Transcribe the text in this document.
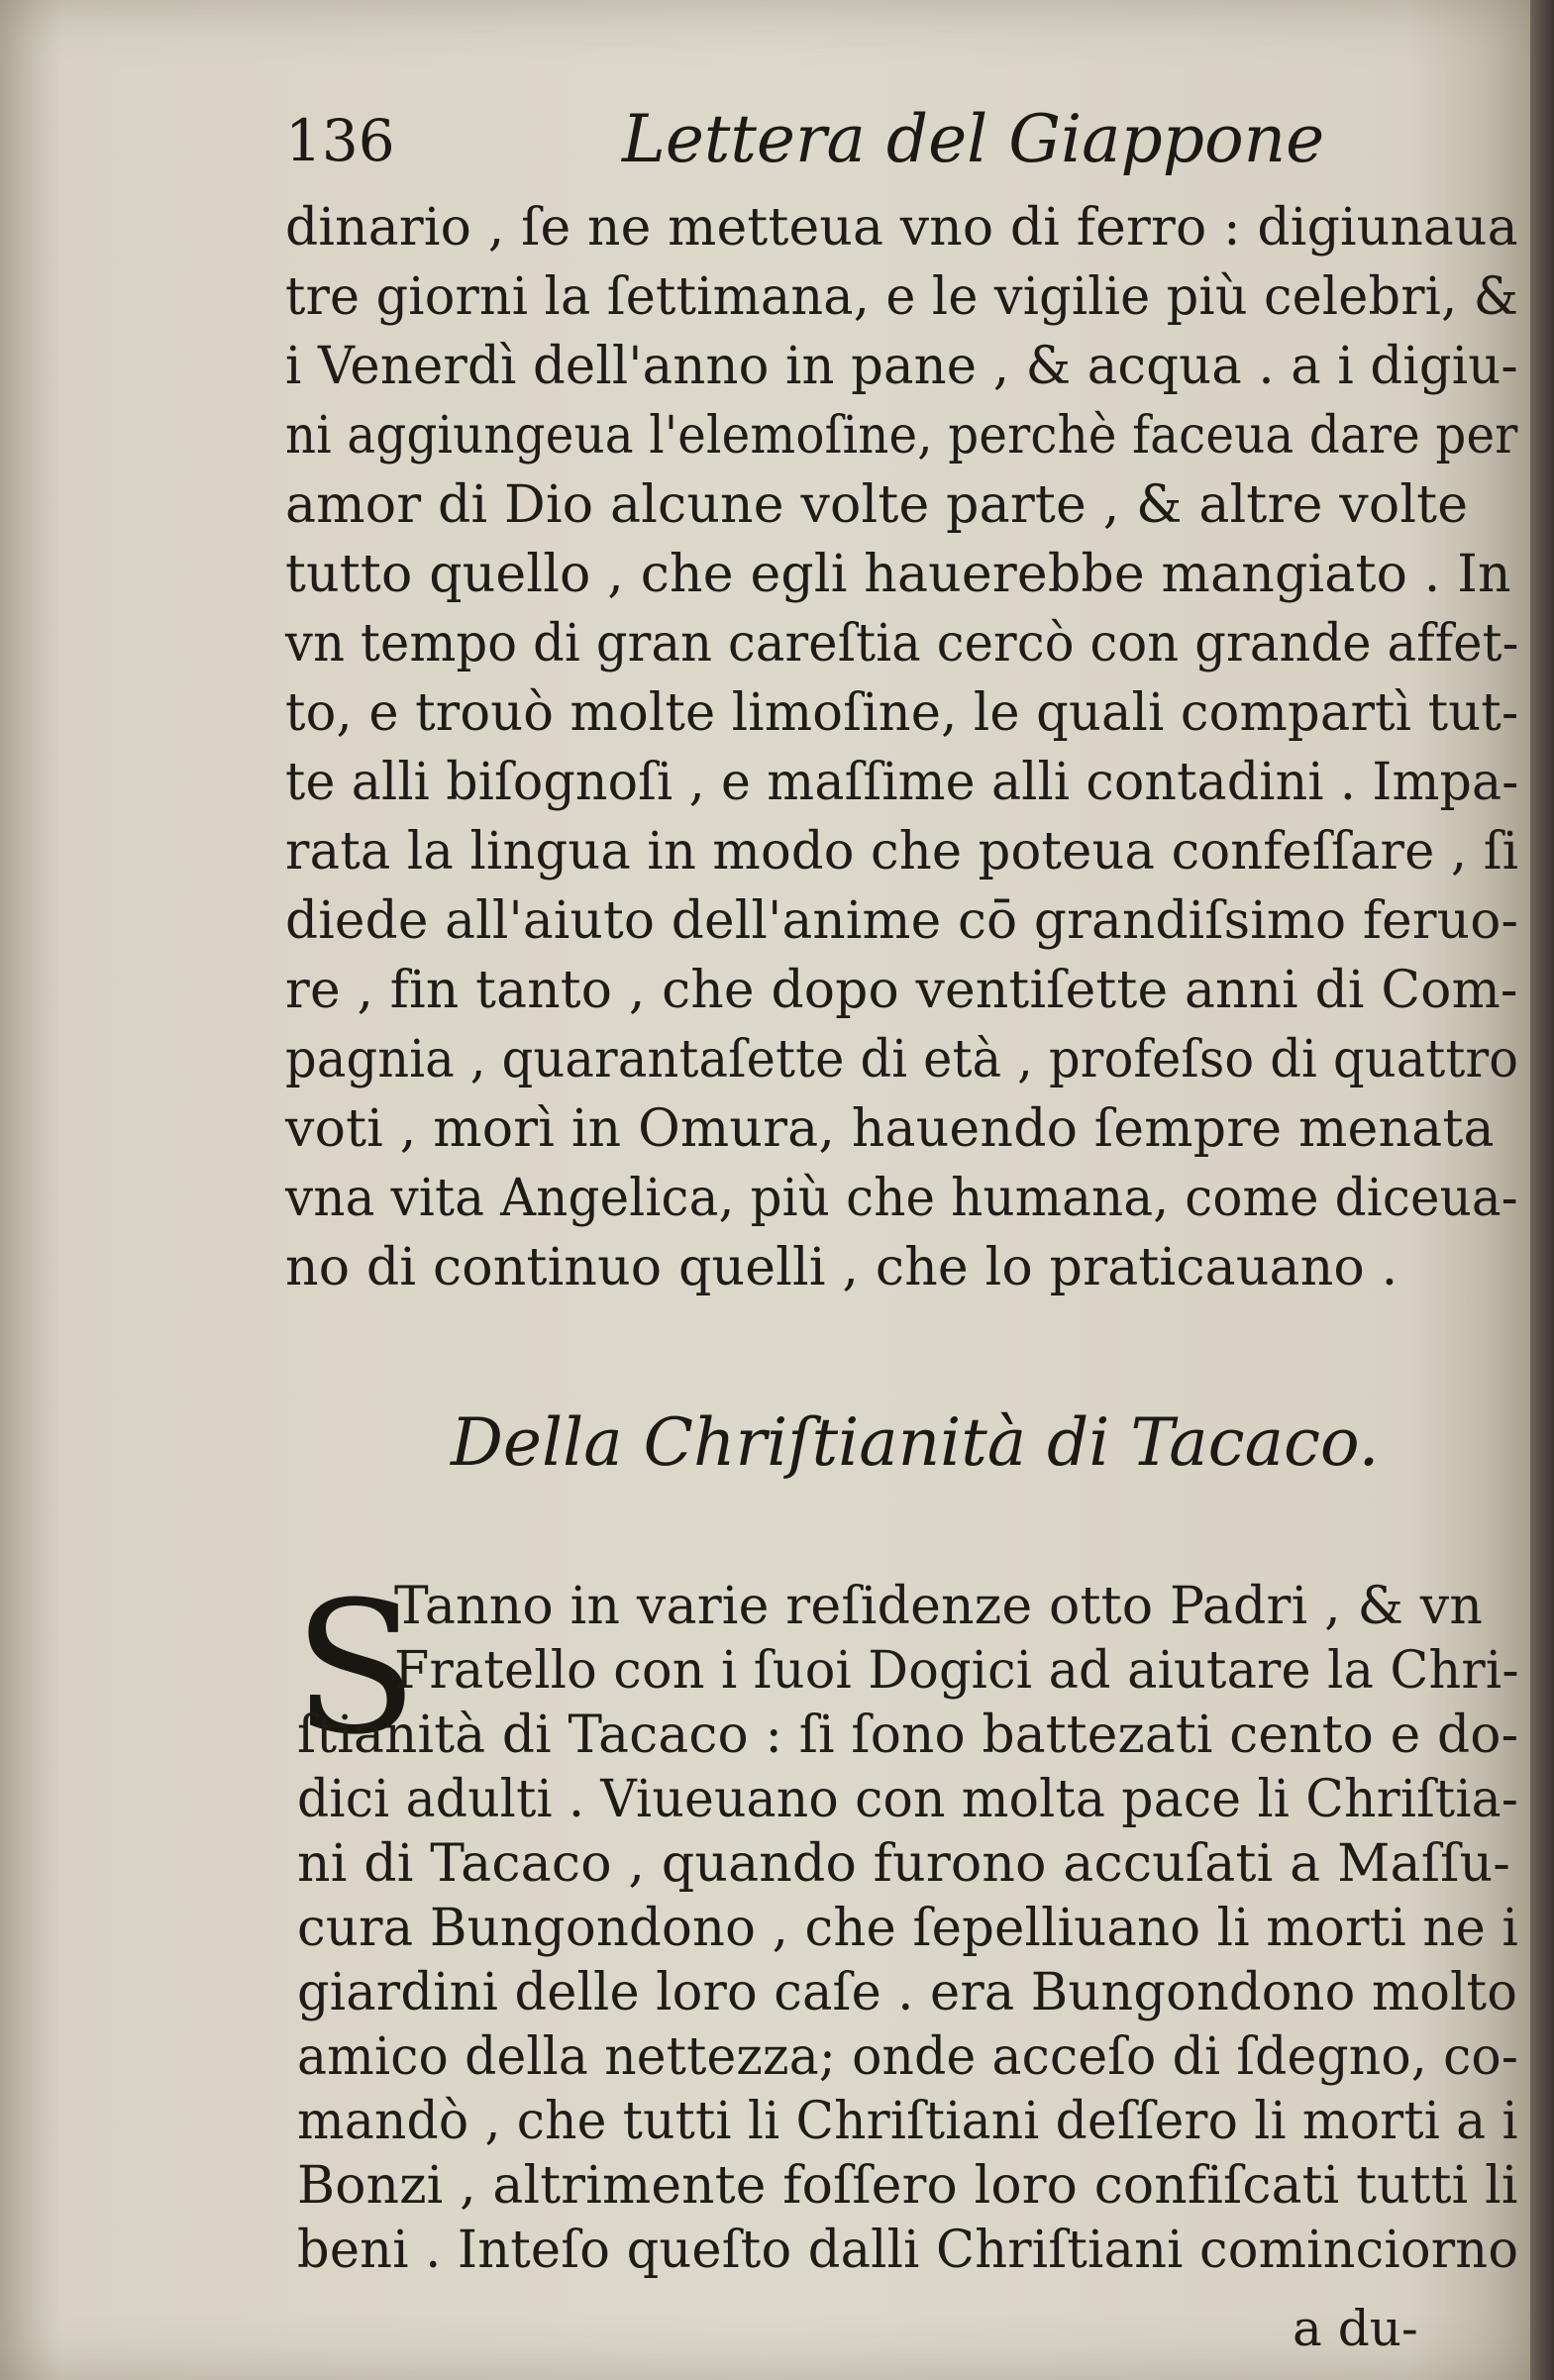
136	Lettera del Giappone
dinario , ſe ne metteua vno di ferro : digiunaua
tre giorni la ſettimana, e le vigilie più celebri, &
i Venerdì dell'anno in pane , & acqua . a i digiu-
ni aggiungeua l'elemoſine, perchè faceua dare per
amor di Dio alcune volte parte , & altre volte
tutto quello , che egli hauerebbe mangiato . In
vn tempo di gran careſtia cercò con grande affet-
to, e trouò molte limoſine, le quali compartì tut-
te alli biſognoſi , e maſſime alli contadini . Impa-
rata la lingua in modo che poteua confeſſare , ſi
diede all'aiuto dell'anime cō grandiſsimo feruo-
re , fin tanto , che dopo ventiſette anni di Com-
pagnia , quarantaſette di età , profeſso di quattro
voti , morì in Omura, hauendo ſempre menata
vna vita Angelica, più che humana, come diceua-
no di continuo quelli , che lo praticauano .
Della Chriſtianità di Tacaco.
S
Tanno in varie reſidenze otto Padri , & vn
Fratello con i ſuoi Dogici ad aiutare la Chri-
ſtianità di Tacaco : ſi ſono battezati cento e do-
dici adulti . Viueuano con molta pace li Chriſtia-
ni di Tacaco , quando furono accuſati a Maſſu-
cura Bungondono , che ſepelliuano li morti ne i
giardini delle loro caſe . era Bungondono molto
amico della nettezza; onde acceſo di ſdegno, co-
mandò , che tutti li Chriſtiani deſſero li morti a i
Bonzi , altrimente foſſero loro confiſcati tutti li
beni . Inteſo queſto dalli Chriſtiani cominciorno
a du-
